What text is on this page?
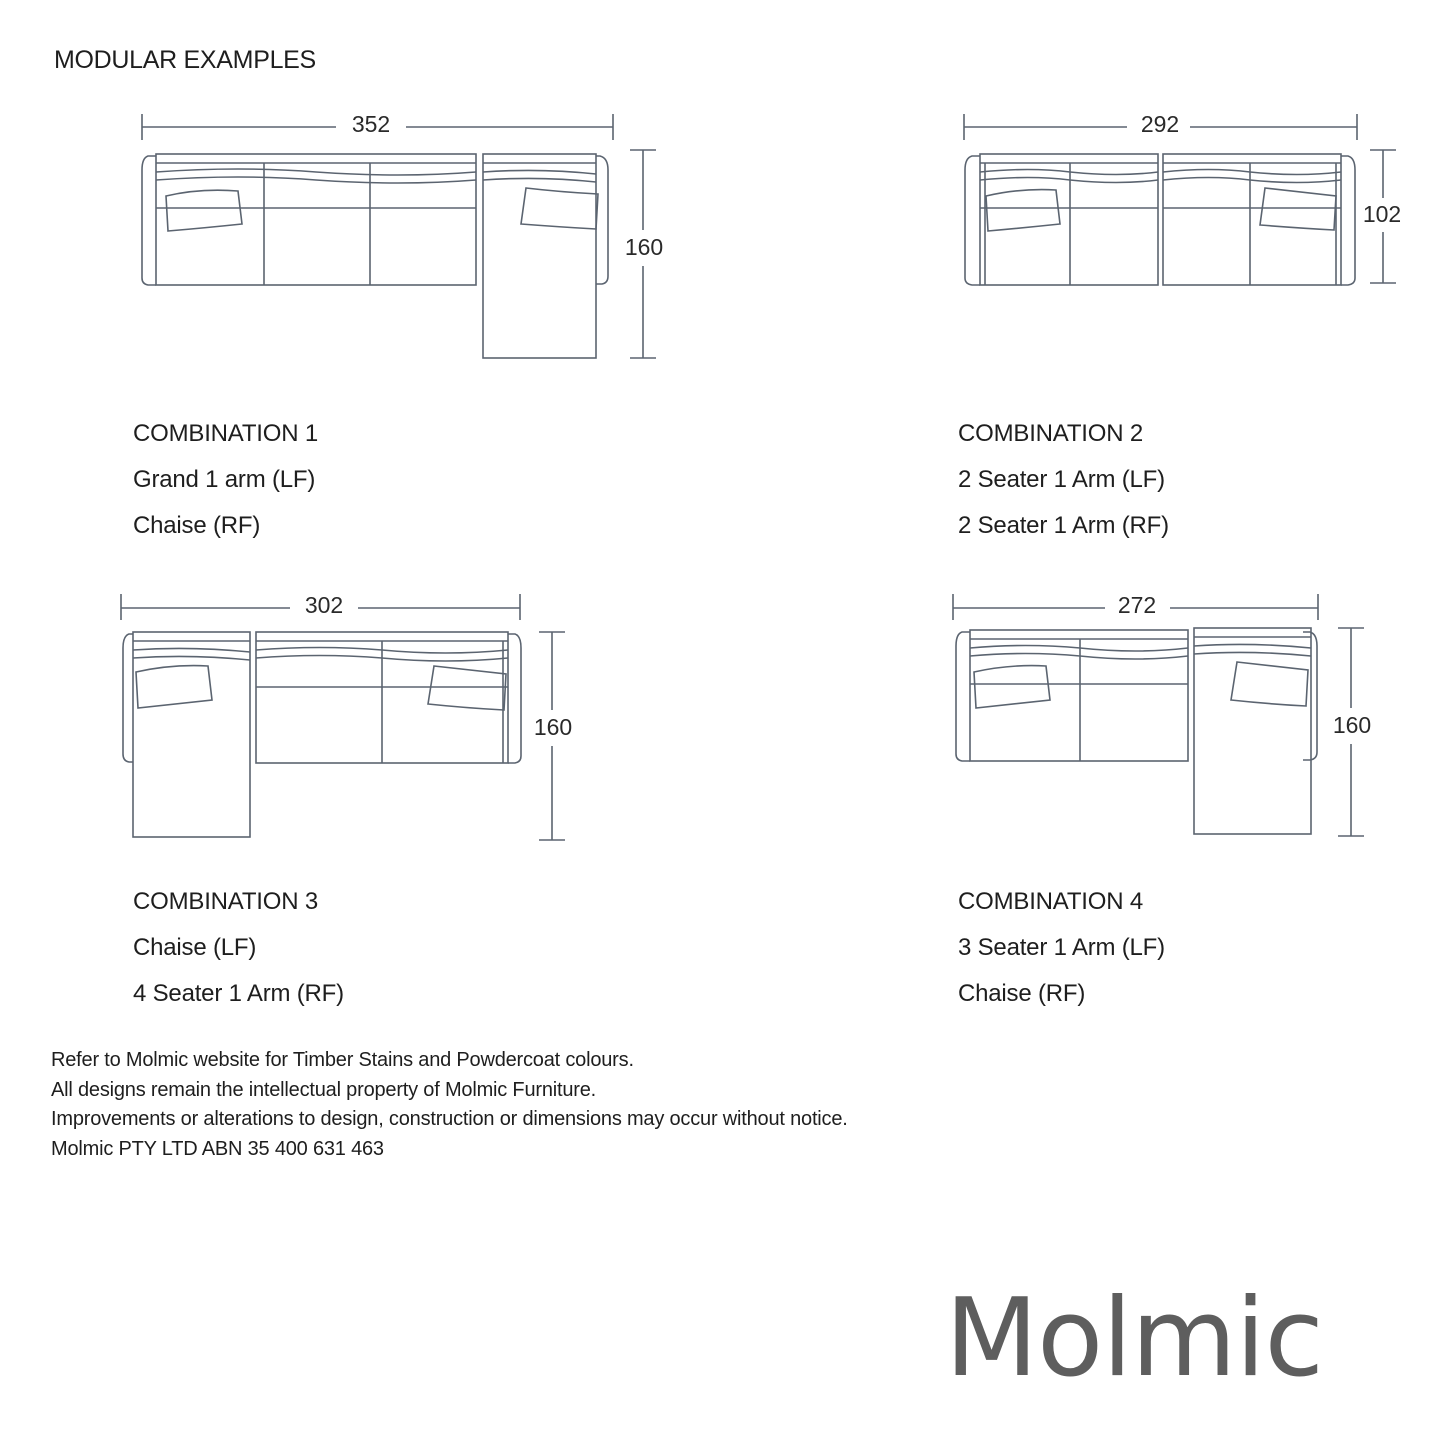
MODULAR EXAMPLES
352
160
292
102
302
160
272
160
COMBINATION 1
Grand 1 arm (LF)
Chaise (RF)
COMBINATION 2
2 Seater 1 Arm (LF)
2 Seater 1 Arm (RF)
COMBINATION 3
Chaise (LF)
4 Seater 1 Arm (RF)
COMBINATION 4
3 Seater 1 Arm (LF)
Chaise (RF)
Refer to Molmic website for Timber Stains and Powdercoat colours.
All designs remain the intellectual property of Molmic Furniture.
Improvements or alterations to design, construction or dimensions may occur without notice.
Molmic PTY LTD ABN 35 400 631 463
Molmic
